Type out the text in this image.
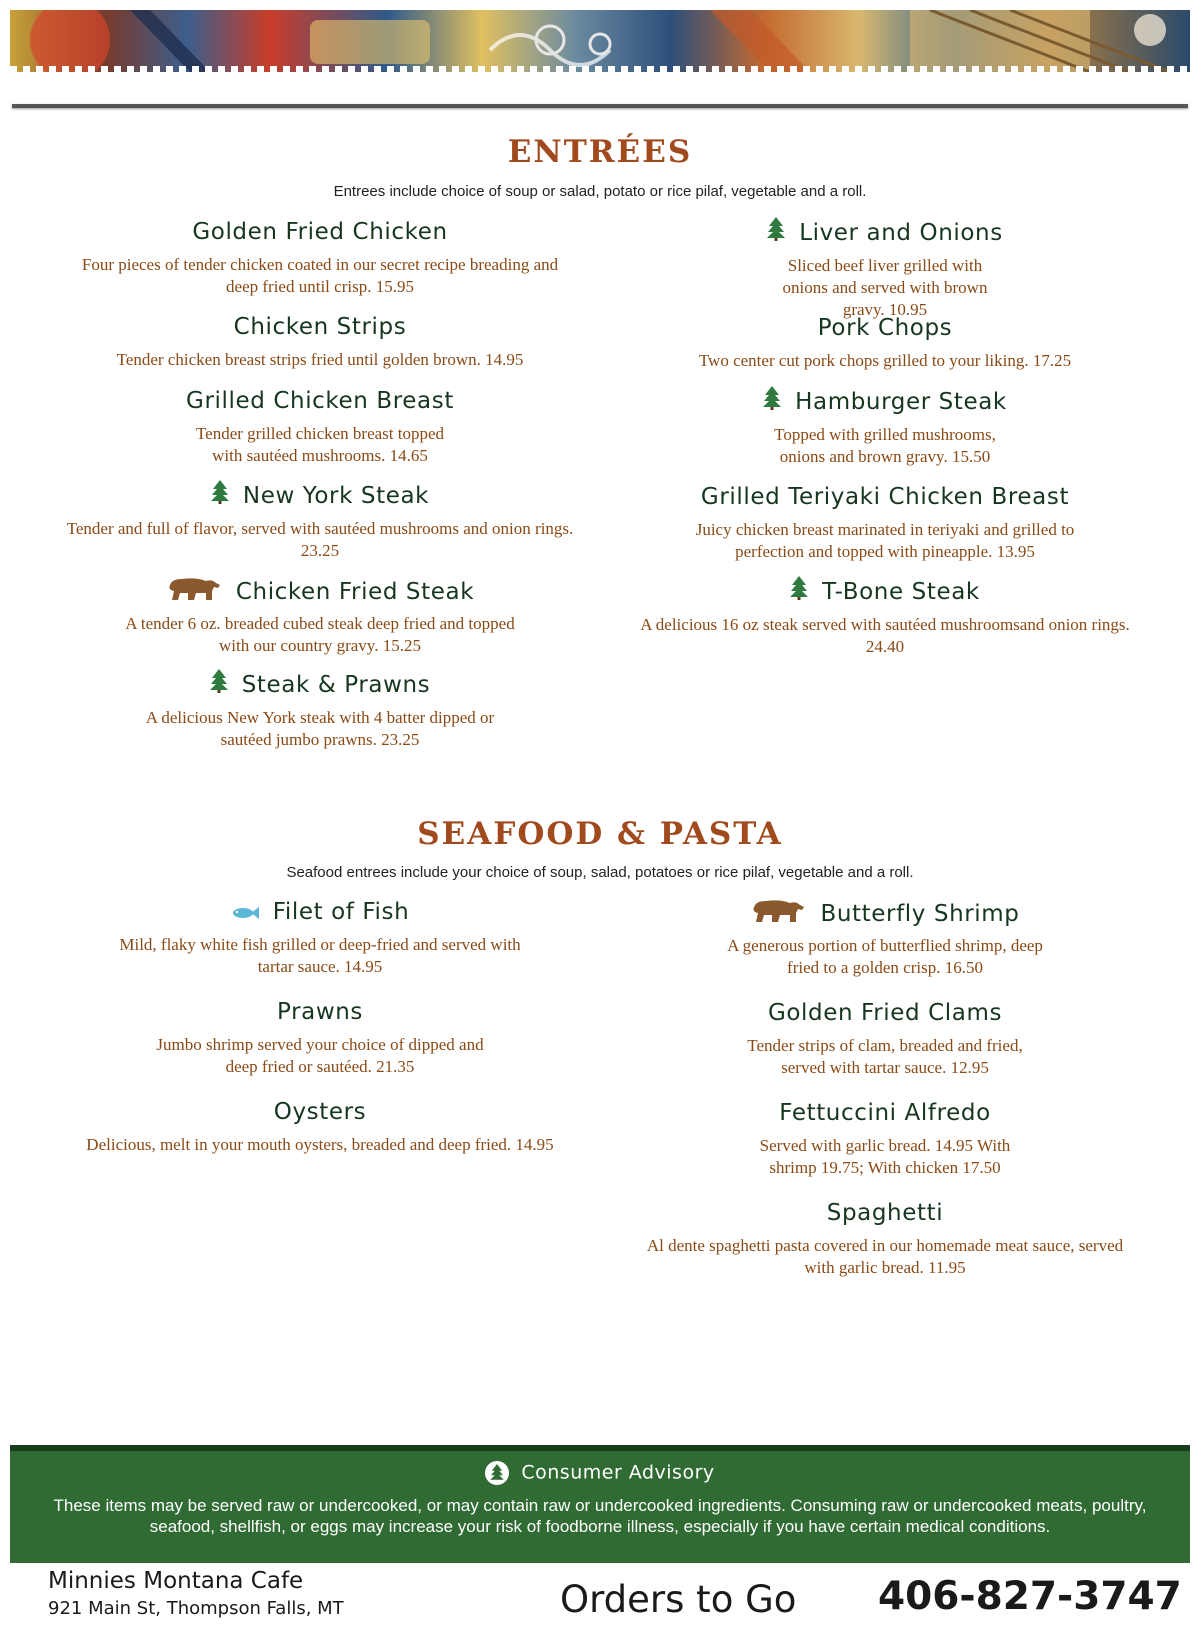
ENTRÉES
Entrees include choice of soup or salad, potato or rice pilaf, vegetable and a roll.
Golden Fried Chicken
Four pieces of tender chicken coated in our secret recipe breading and deep fried until crisp. 15.95
Chicken Strips
Tender chicken breast strips fried until golden brown. 14.95
Grilled Chicken Breast
Tender grilled chicken breast topped with sautéed mushrooms. 14.65
New York Steak
Tender and full of flavor, served with sautéed mushrooms and onion rings. 23.25
Chicken Fried Steak
A tender 6 oz. breaded cubed steak deep fried and topped with our country gravy. 15.25
Steak & Prawns
A delicious New York steak with 4 batter dipped or sautéed jumbo prawns. 23.25
Liver and Onions
Sliced beef liver grilled with onions and served with brown gravy. 10.95
Pork Chops
Two center cut pork chops grilled to your liking. 17.25
Hamburger Steak
Topped with grilled mushrooms, onions and brown gravy. 15.50
Grilled Teriyaki Chicken Breast
Juicy chicken breast marinated in teriyaki and grilled to perfection and topped with pineapple. 13.95
T-Bone Steak
A delicious 16 oz steak served with sautéed mushroomsand onion rings. 24.40
SEAFOOD & PASTA
Seafood entrees include your choice of soup, salad, potatoes or rice pilaf, vegetable and a roll.
Filet of Fish
Mild, flaky white fish grilled or deep-fried and served with tartar sauce. 14.95
Prawns
Jumbo shrimp served your choice of dipped and deep fried or sautéed. 21.35
Oysters
Delicious, melt in your mouth oysters, breaded and deep fried. 14.95
Butterfly Shrimp
A generous portion of butterflied shrimp, deep fried to a golden crisp. 16.50
Golden Fried Clams
Tender strips of clam, breaded and fried, served with tartar sauce. 12.95
Fettuccini Alfredo
Served with garlic bread. 14.95 With shrimp 19.75; With chicken 17.50
Spaghetti
Al dente spaghetti pasta covered in our homemade meat sauce, served with garlic bread. 11.95
Consumer Advisory
These items may be served raw or undercooked, or may contain raw or undercooked ingredients. Consuming raw or undercooked meats, poultry, seafood, shellfish, or eggs may increase your risk of foodborne illness, especially if you have certain medical conditions.
Minnies Montana Cafe
921 Main St, Thompson Falls, MT	Orders to Go 406-827-3747
